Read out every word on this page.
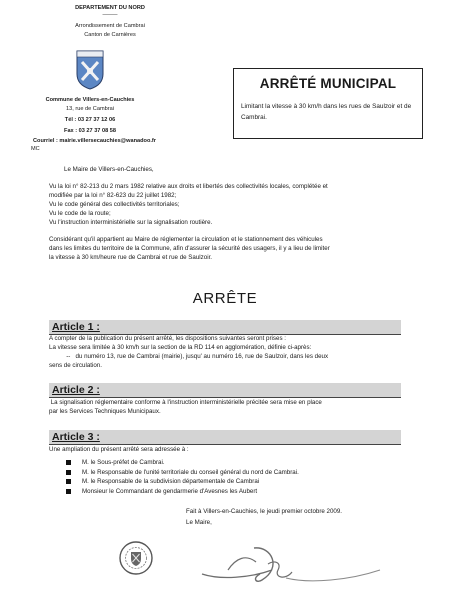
DEPARTEMENT DU NORD
———
Arrondissement de Cambrai
Canton de Carnières
Commune de Villers-en-Cauchies
13, rue de Cambrai
Tél : 03 27 37 12 06
Fax : 03 27 37 08 58
Courriel : mairie.villersecauchies@wanadoo.fr
MC
ARRÊTÉ MUNICIPAL
Limitant la vitesse à 30 km/h dans les rues de Saulzoir et de Cambrai.
Le Maire de Villers-en-Cauchies,
Vu la loi n° 82-213 du 2 mars 1982 relative aux droits et libertés des collectivités locales, complétée et
modifiée par la loi n° 82-623 du 22 juillet 1982;
Vu le code général des collectivités territoriales;
Vu le code de la route;
Vu l'instruction interministérielle sur la signalisation routière.
Considérant qu'il appartient au Maire de réglementer la circulation et le stationnement des véhicules
dans les limites du territoire de la Commune, afin d'assurer la sécurité des usagers, il y a lieu de limiter
la vitesse à 30 km/heure rue de Cambrai et rue de Saulzoir.
ARRÊTE
Article 1 :
A compter de la publication du présent arrêté, les dispositions suivantes seront prises :
La vitesse sera limitée à 30 km/h sur la section de la RD 114 en agglomération, définie ci-après:
--   du numéro 13, rue de Cambrai (mairie), jusqu' au numéro 16, rue de Saulzoir, dans les deux
sens de circulation.
Article 2 :
La signalisation réglementaire conforme à l'instruction interministérielle précitée sera mise en place
par les Services Techniques Municipaux.
Article 3 :
Une ampliation du présent arrêté sera adressée à :
M. le Sous-préfet de Cambrai.
M. le Responsable de l'unité territoriale du conseil général du nord de Cambrai.
M. le Responsable de la subdivision départementale de Cambrai
Monsieur le Commandant de gendarmerie d'Avesnes les Aubert
Fait à Villers-en-Cauchies, le jeudi premier octobre 2009.
Le Maire,
